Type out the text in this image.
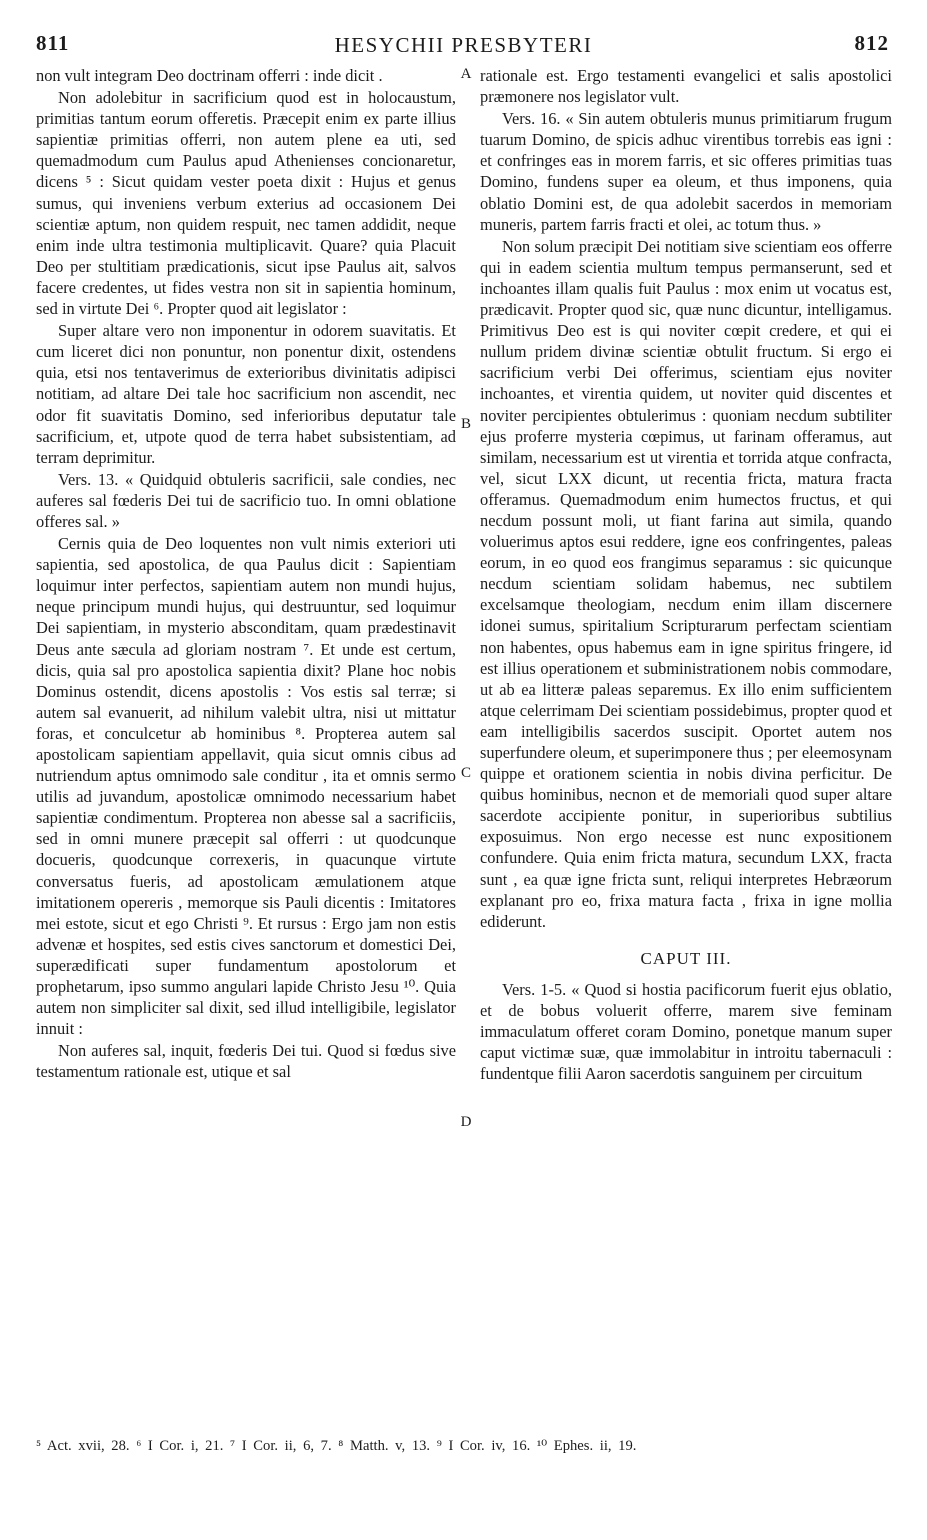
811	HESYCHII PRESBYTERI	812

non vult integram Deo doctrinam offerri : inde dicit .

Non adolebitur in sacrificium quod est in holocaustum, primitias tantum eorum offeretis. Præcepit enim ex parte illius sapientiæ primitias offerri, non autem plene ea uti, sed quemadmodum cum Paulus apud Athenienses concionaretur, dicens ⁵ : Sicut quidam vester poeta dixit : Hujus et genus sumus, qui inveniens verbum exterius ad occasionem Dei scientiæ aptum, non quidem respuit, nec tamen addidit, neque enim inde ultra testimonia multiplicavit. Quare? quia Placuit Deo per stultitiam prædicationis, sicut ipse Paulus ait, salvos facere credentes, ut fides vestra non sit in sapientia hominum, sed in virtute Dei ⁶. Propter quod ait legislator :

Super altare vero non imponentur in odorem suavitatis. Et cum liceret dici non ponuntur, non ponentur dixit, ostendens quia, etsi nos tentaverimus de exterioribus divinitatis adipisci notitiam, ad altare Dei tale hoc sacrificium non ascendit, nec odor fit suavitatis Domino, sed inferioribus deputatur tale sacrificium, et, utpote quod de terra habet subsistentiam, ad terram deprimitur.

Vers. 13. « Quidquid obtuleris sacrificii, sale condies, nec auferes sal fœderis Dei tui de sacrificio tuo. In omni oblatione offeres sal. »

Cernis quia de Deo loquentes non vult nimis exteriori uti sapientia, sed apostolica, de qua Paulus dicit : Sapientiam loquimur inter perfectos, sapientiam autem non mundi hujus, neque principum mundi hujus, qui destruuntur, sed loquimur Dei sapientiam, in mysterio absconditam, quam prædestinavit Deus ante sæcula ad gloriam nostram ⁷. Et unde est certum, dicis, quia sal pro apostolica sapientia dixit? Plane hoc nobis Dominus ostendit, dicens apostolis : Vos estis sal terræ; si autem sal evanuerit, ad nihilum valebit ultra, nisi ut mittatur foras, et conculcetur ab hominibus ⁸. Propterea autem sal apostolicam sapientiam appellavit, quia sicut omnis cibus ad nutriendum aptus omnimodo sale conditur , ita et omnis sermo utilis ad juvandum, apostolicæ omnimodo necessarium habet sapientiæ condimentum. Propterea non abesse sal a sacrificiis, sed in omni munere præcepit sal offerri : ut quodcunque docueris, quodcunque correxeris, in quacunque virtute conversatus fueris, ad apostolicam æmulationem atque imitationem opereris , memorque sis Pauli dicentis : Imitatores mei estote, sicut et ego Christi ⁹. Et rursus : Ergo jam non estis advenæ et hospites, sed estis cives sanctorum et domestici Dei, superædificati super fundamentum apostolorum et prophetarum, ipso summo angulari lapide Christo Jesu ¹⁰. Quia autem non simpliciter sal dixit, sed illud intelligibile, legislator innuit :

Non auferes sal, inquit, fœderis Dei tui. Quod si fœdus sive testamentum rationale est, utique et sal

A
B
C
D

rationale est. Ergo testamenti evangelici et salis apostolici præmonere nos legislator vult.

Vers. 16. « Sin autem obtuleris munus primitiarum frugum tuarum Domino, de spicis adhuc virentibus torrebis eas igni : et confringes eas in morem farris, et sic offeres primitias tuas Domino, fundens super ea oleum, et thus imponens, quia oblatio Domini est, de qua adolebit sacerdos in memoriam muneris, partem farris fracti et olei, ac totum thus. »

Non solum præcipit Dei notitiam sive scientiam eos offerre qui in eadem scientia multum tempus permanserunt, sed et inchoantes illam qualis fuit Paulus : mox enim ut vocatus est, prædicavit. Propter quod sic, quæ nunc dicuntur, intelligamus. Primitivus Deo est is qui noviter cœpit credere, et qui ei nullum pridem divinæ scientiæ obtulit fructum. Si ergo ei sacrificium verbi Dei offerimus, scientiam ejus noviter inchoantes, et virentia quidem, ut noviter quid discentes et noviter percipientes obtulerimus : quoniam necdum subtiliter ejus proferre mysteria cœpimus, ut farinam offeramus, aut similam, necessarium est ut virentia et torrida atque confracta, vel, sicut LXX dicunt, ut recentia fricta, matura fracta offeramus. Quemadmodum enim humectos fructus, et qui necdum possunt moli, ut fiant farina aut simila, quando voluerimus aptos esui reddere, igne eos confringentes, paleas eorum, in eo quod eos frangimus separamus : sic quicunque necdum scientiam solidam habemus, nec subtilem excelsamque theologiam, necdum enim illam discernere idonei sumus, spiritalium Scripturarum perfectam scientiam non habentes, opus habemus eam in igne spiritus fringere, id est illius operationem et subministrationem nobis commodare, ut ab ea litteræ paleas separemus. Ex illo enim sufficientem atque celerrimam Dei scientiam possidebimus, propter quod et eam intelligibilis sacerdos suscipit. Oportet autem nos superfundere oleum, et superimponere thus ; per eleemosynam quippe et orationem scientia in nobis divina perficitur. De quibus hominibus, necnon et de memoriali quod super altare sacerdote accipiente ponitur, in superioribus subtilius exposuimus. Non ergo necesse est nunc expositionem confundere. Quia enim fricta matura, secundum LXX, fracta sunt , ea quæ igne fricta sunt, reliqui interpretes Hebræorum explanant pro eo, frixa matura facta , frixa in igne mollia ediderunt.

CAPUT III.

Vers. 1-5. « Quod si hostia pacificorum fuerit ejus oblatio, et de bobus voluerit offerre, marem sive feminam immaculatum offeret coram Domino, ponetque manum super caput victimæ suæ, quæ immolabitur in introitu tabernaculi : fundentque filii Aaron sacerdotis sanguinem per circuitum

⁵ Act. xvii, 28. ⁶ I Cor. i, 21. ⁷ I Cor. ii, 6, 7. ⁸ Matth. v, 13. ⁹ I Cor. iv, 16. ¹⁰ Ephes. ii, 19.
